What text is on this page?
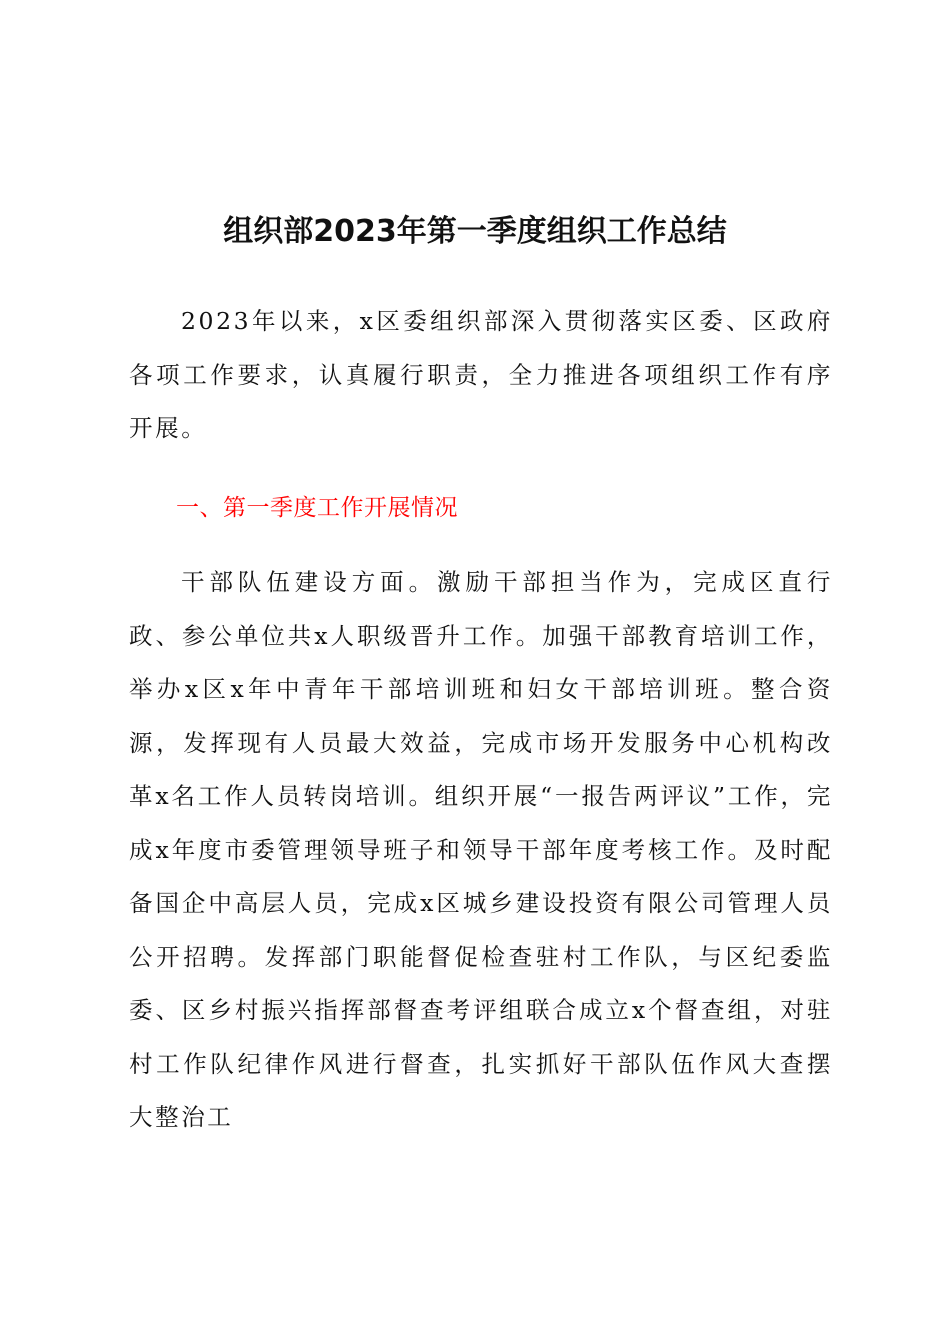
组织部2023年第一季度组织工作总结

2023年以来，x区委组织部深入贯彻落实区委、区政府各项工作要求，认真履行职责，全力推进各项组织工作有序开展。

一、第一季度工作开展情况

干部队伍建设方面。激励干部担当作为，完成区直行政、参公单位共x人职级晋升工作。加强干部教育培训工作，举办x区x年中青年干部培训班和妇女干部培训班。整合资源，发挥现有人员最大效益，完成市场开发服务中心机构改革x名工作人员转岗培训。组织开展“一报告两评议”工作，完成x年度市委管理领导班子和领导干部年度考核工作。及时配备国企中高层人员，完成x区城乡建设投资有限公司管理人员公开招聘。发挥部门职能督促检查驻村工作队，与区纪委监委、区乡村振兴指挥部督查考评组联合成立x个督查组，对驻村工作队纪律作风进行督查，扎实抓好干部队伍作风大查摆大整治工
